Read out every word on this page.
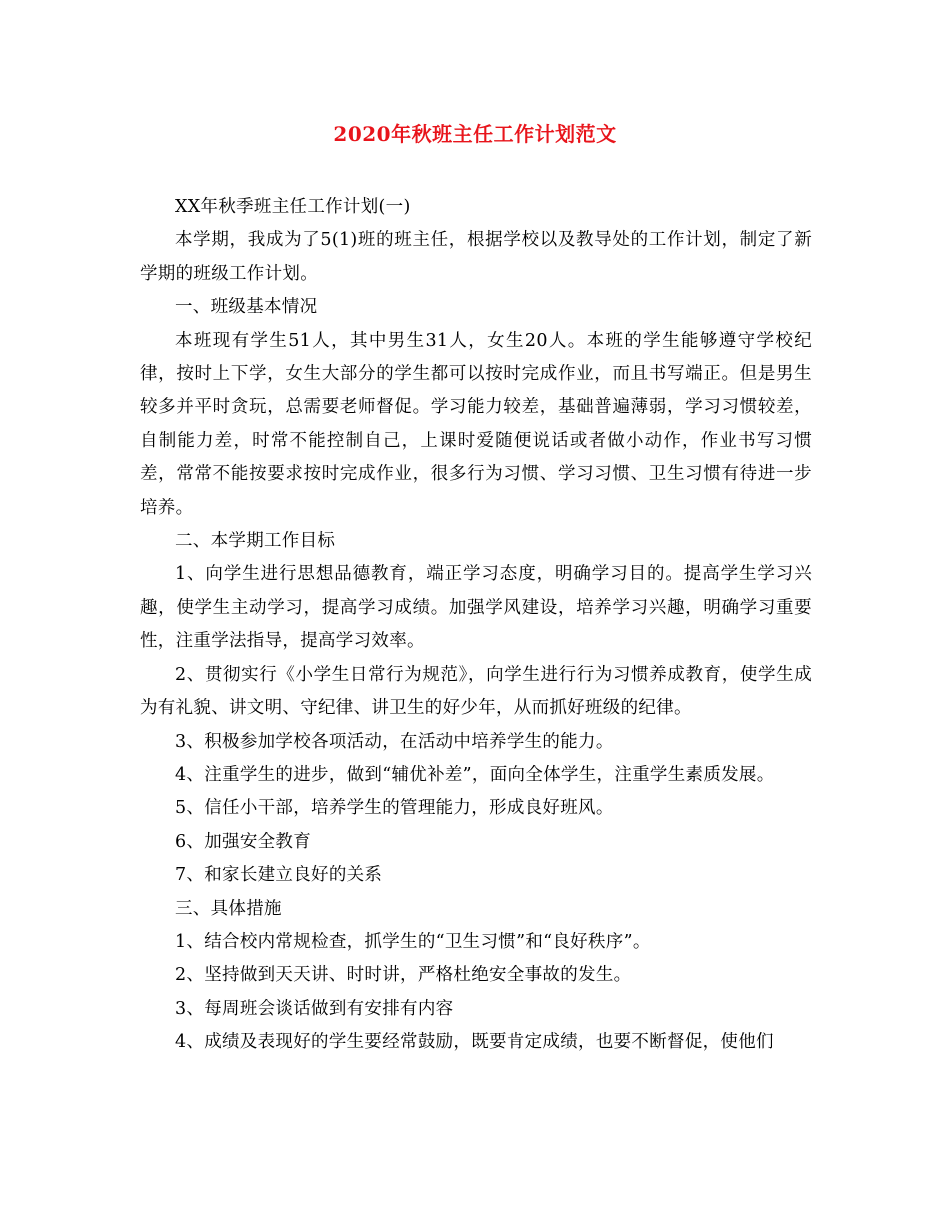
2020年秋班主任工作计划范文

XX年秋季班主任工作计划(一)

本学期，我成为了5(1)班的班主任，根据学校以及教导处的工作计划，制定了新学期的班级工作计划。

一、班级基本情况

本班现有学生51人，其中男生31人，女生20人。本班的学生能够遵守学校纪律，按时上下学，女生大部分的学生都可以按时完成作业，而且书写端正。但是男生较多并平时贪玩，总需要老师督促。学习能力较差，基础普遍薄弱，学习习惯较差，自制能力差，时常不能控制自己，上课时爱随便说话或者做小动作，作业书写习惯差，常常不能按要求按时完成作业，很多行为习惯、学习习惯、卫生习惯有待进一步培养。

二、本学期工作目标

1、向学生进行思想品德教育，端正学习态度，明确学习目的。提高学生学习兴趣，使学生主动学习，提高学习成绩。加强学风建设，培养学习兴趣，明确学习重要性，注重学法指导，提高学习效率。

2、贯彻实行《小学生日常行为规范》，向学生进行行为习惯养成教育，使学生成为有礼貌、讲文明、守纪律、讲卫生的好少年，从而抓好班级的纪律。

3、积极参加学校各项活动，在活动中培养学生的能力。

4、注重学生的进步，做到“辅优补差”，面向全体学生，注重学生素质发展。

5、信任小干部，培养学生的管理能力，形成良好班风。

6、加强安全教育

7、和家长建立良好的关系

三、具体措施

1、结合校内常规检查，抓学生的“卫生习惯”和“良好秩序”。

2、坚持做到天天讲、时时讲，严格杜绝安全事故的发生。

3、每周班会谈话做到有安排有内容

4、成绩及表现好的学生要经常鼓励，既要肯定成绩，也要不断督促，使他们
